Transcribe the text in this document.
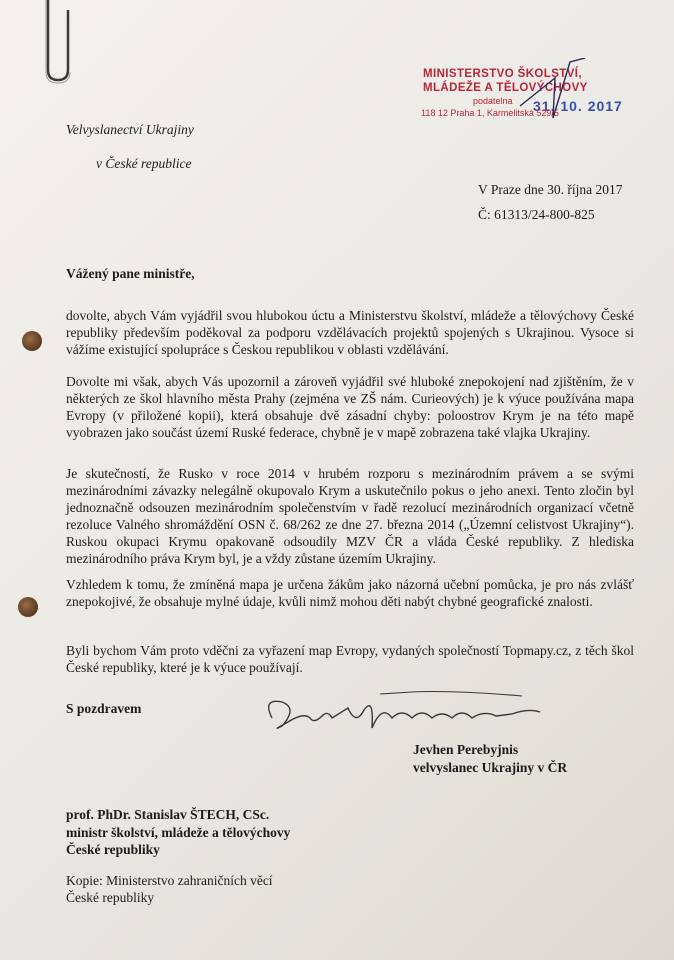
MINISTERSTVO ŠKOLSTVÍ,
MLÁDEŽE A TĚLOVÝCHOVY
podatelna 31. 10. 2017
118 12 Praha 1, Karmelitská 529/5
Velvyslanectví Ukrajiny
v České republice
V Praze dne 30. října 2017
Č: 61313/24-800-825
Vážený pane ministře,
dovolte, abych Vám vyjádřil svou hlubokou úctu a Ministerstvu školství, mládeže a tělovýchovy České republiky především poděkoval za podporu vzdělávacích projektů spojených s Ukrajinou. Vysoce si vážíme existující spolupráce s Českou republikou v oblasti vzdělávání.
Dovolte mi však, abych Vás upozornil a zároveň vyjádřil své hluboké znepokojení nad zjištěním, že v některých ze škol hlavního města Prahy (zejména ve ZŠ nám. Curieových) je k výuce používána mapa Evropy (v přiložené kopii), která obsahuje dvě zásadní chyby: poloostrov Krym je na této mapě vyobrazen jako součást území Ruské federace, chybně je v mapě zobrazena také vlajka Ukrajiny.
Je skutečností, že Rusko v roce 2014 v hrubém rozporu s mezinárodním právem a se svými mezinárodními závazky nelegálně okupovalo Krym a uskutečnilo pokus o jeho anexi. Tento zločin byl jednoznačně odsouzen mezinárodním společenstvím v řadě rezolucí mezinárodních organizací včetně rezoluce Valného shromáždění OSN č. 68/262 ze dne 27. března 2014 („Územní celistvost Ukrajiny“). Ruskou okupaci Krymu opakovaně odsoudily MZV ČR a vláda České republiky. Z hlediska mezinárodního práva Krym byl, je a vždy zůstane územím Ukrajiny.
Vzhledem k tomu, že zmíněná mapa je určena žákům jako názorná učební pomůcka, je pro nás zvlášť znepokojivé, že obsahuje mylné údaje, kvůli nimž mohou děti nabýt chybné geografické znalosti.
Byli bychom Vám proto vděčni za vyřazení map Evropy, vydaných společností Topmapy.cz, z těch škol České republiky, které je k výuce používají.
S pozdravem
Jevhen Perebyjnis
velvyslanec Ukrajiny v ČR
prof. PhDr. Stanislav ŠTECH, CSc.
ministr školství, mládeže a tělovýchovy
České republiky
Kopie: Ministerstvo zahraničních věcí
České republiky
